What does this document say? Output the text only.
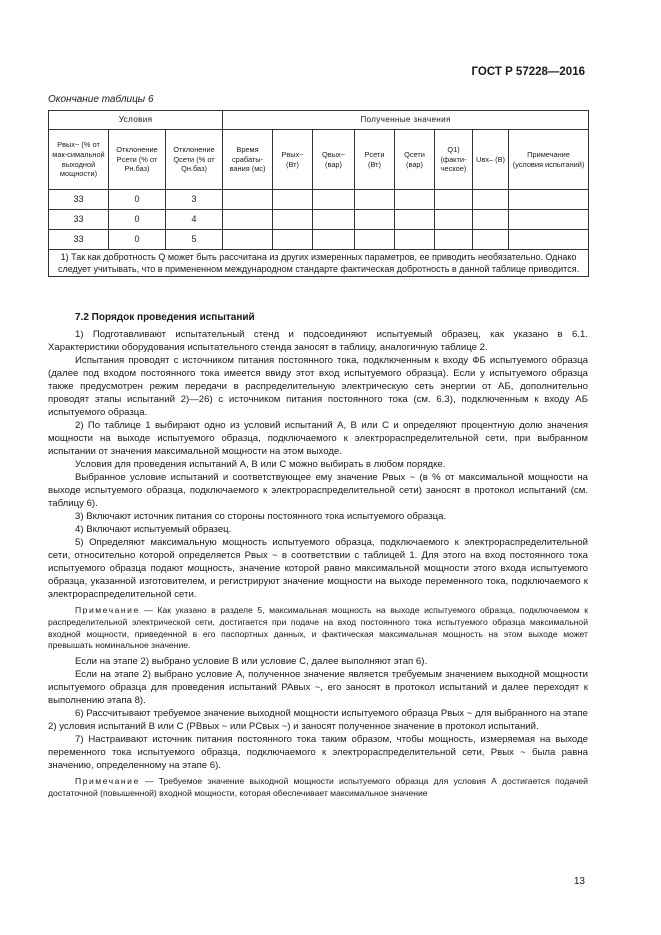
ГОСТ Р 57228—2016
Окончание таблицы 6
Условия			Полученные значения							
Pвых~ (% от мак-симальной выходной мощности)	Отклонение Pсети (% от Pн.баз)	Отклонение Qсети (% от Qн.баз)	Время срабаты-вания (мс)	Pвых~ (Вт)	Qвых~ (вар)	Pсети (Вт)	Qсети (вар)	Q1) (факти-ческое)	Uвх– (В)	Примечание (условия испытаний)
33	0	3								
33	0	4								
33	0	5								
1) Так как добротность Q может быть рассчитана из других измеренных параметров, ее приводить необязательно. Однако следует учитывать, что в примененном международном стандарте фактическая добротность в данной таблице приводится.										
7.2 Порядок проведения испытаний

1) Подготавливают испытательный стенд и подсоединяют испытуемый образец, как указано в 6.1. Характеристики оборудования испытательного стенда заносят в таблицу, аналогичную таблице 2.

Испытания проводят с источником питания постоянного тока, подключенным к входу ФБ испытуемого образца (далее под входом постоянного тока имеется ввиду этот вход испытуемого образца). Если у испытуемого образца также предусмотрен режим передачи в распределительную электрическую сеть энергии от АБ, дополнительно проводят этапы испытаний 2)—26) с источником питания постоянного тока (см. 6.3), подключенным к входу АБ испытуемого образца.

2) По таблице 1 выбирают одно из условий испытаний А, В или С и определяют процентную долю значения мощности на выходе испытуемого образца, подключаемого к электрораспределительной сети, при выбранном испытании от значения максимальной мощности на этом выходе.

Условия для проведения испытаний А, В или С можно выбирать в любом порядке.

Выбранное условие испытаний и соответствующее ему значение Pвых ~ (в % от максимальной мощности на выходе испытуемого образца, подключаемого к электрораспределительной сети) заносят в протокол испытаний (см. таблицу 6).

3) Включают источник питания со стороны постоянного тока испытуемого образца.

4) Включают испытуемый образец.

5) Определяют максимальную мощность испытуемого образца, подключаемого к электрораспределительной сети, относительно которой определяется Pвых ~ в соответствии с таблицей 1. Для этого на вход постоянного тока испытуемого образца подают мощность, значение которой равно максимальной мощности этого входа испытуемого образца, указанной изготовителем, и регистрируют значение мощности на выходе переменного тока, подключаемого к электрораспределительной сети.

Примечание — Как указано в разделе 5, максимальная мощность на выходе испытуемого образца, подключаемом к распределительной электрической сети, достигается при подаче на вход постоянного тока испытуемого образца максимальной входной мощности, приведенной в его паспортных данных, и фактическая максимальная мощность на этом выходе может превышать номинальное значение.

Если на этапе 2) выбрано условие В или условие С, далее выполняют этап 6).

Если на этапе 2) выбрано условие А, полученное значение является требуемым значением выходной мощности испытуемого образца для проведения испытаний PAвых ~, его заносят в протокол испытаний и далее переходят к выполнению этапа 8).

6) Рассчитывают требуемое значение выходной мощности испытуемого образца Pвых ~ для выбранного на этапе 2) условия испытаний В или С (PBвых ~ или PCвых ~) и заносят полученное значение в протокол испытаний.

7) Настраивают источник питания постоянного тока таким образом, чтобы мощность, измеряемая на выходе переменного тока испытуемого образца, подключаемого к электрораспределительной сети, Pвых ~ была равна значению, определенному на этапе 6).

Примечание — Требуемое значение выходной мощности испытуемого образца для условия А достигается подачей достаточной (повышенной) входной мощности, которая обеспечивает максимальное значение

13
